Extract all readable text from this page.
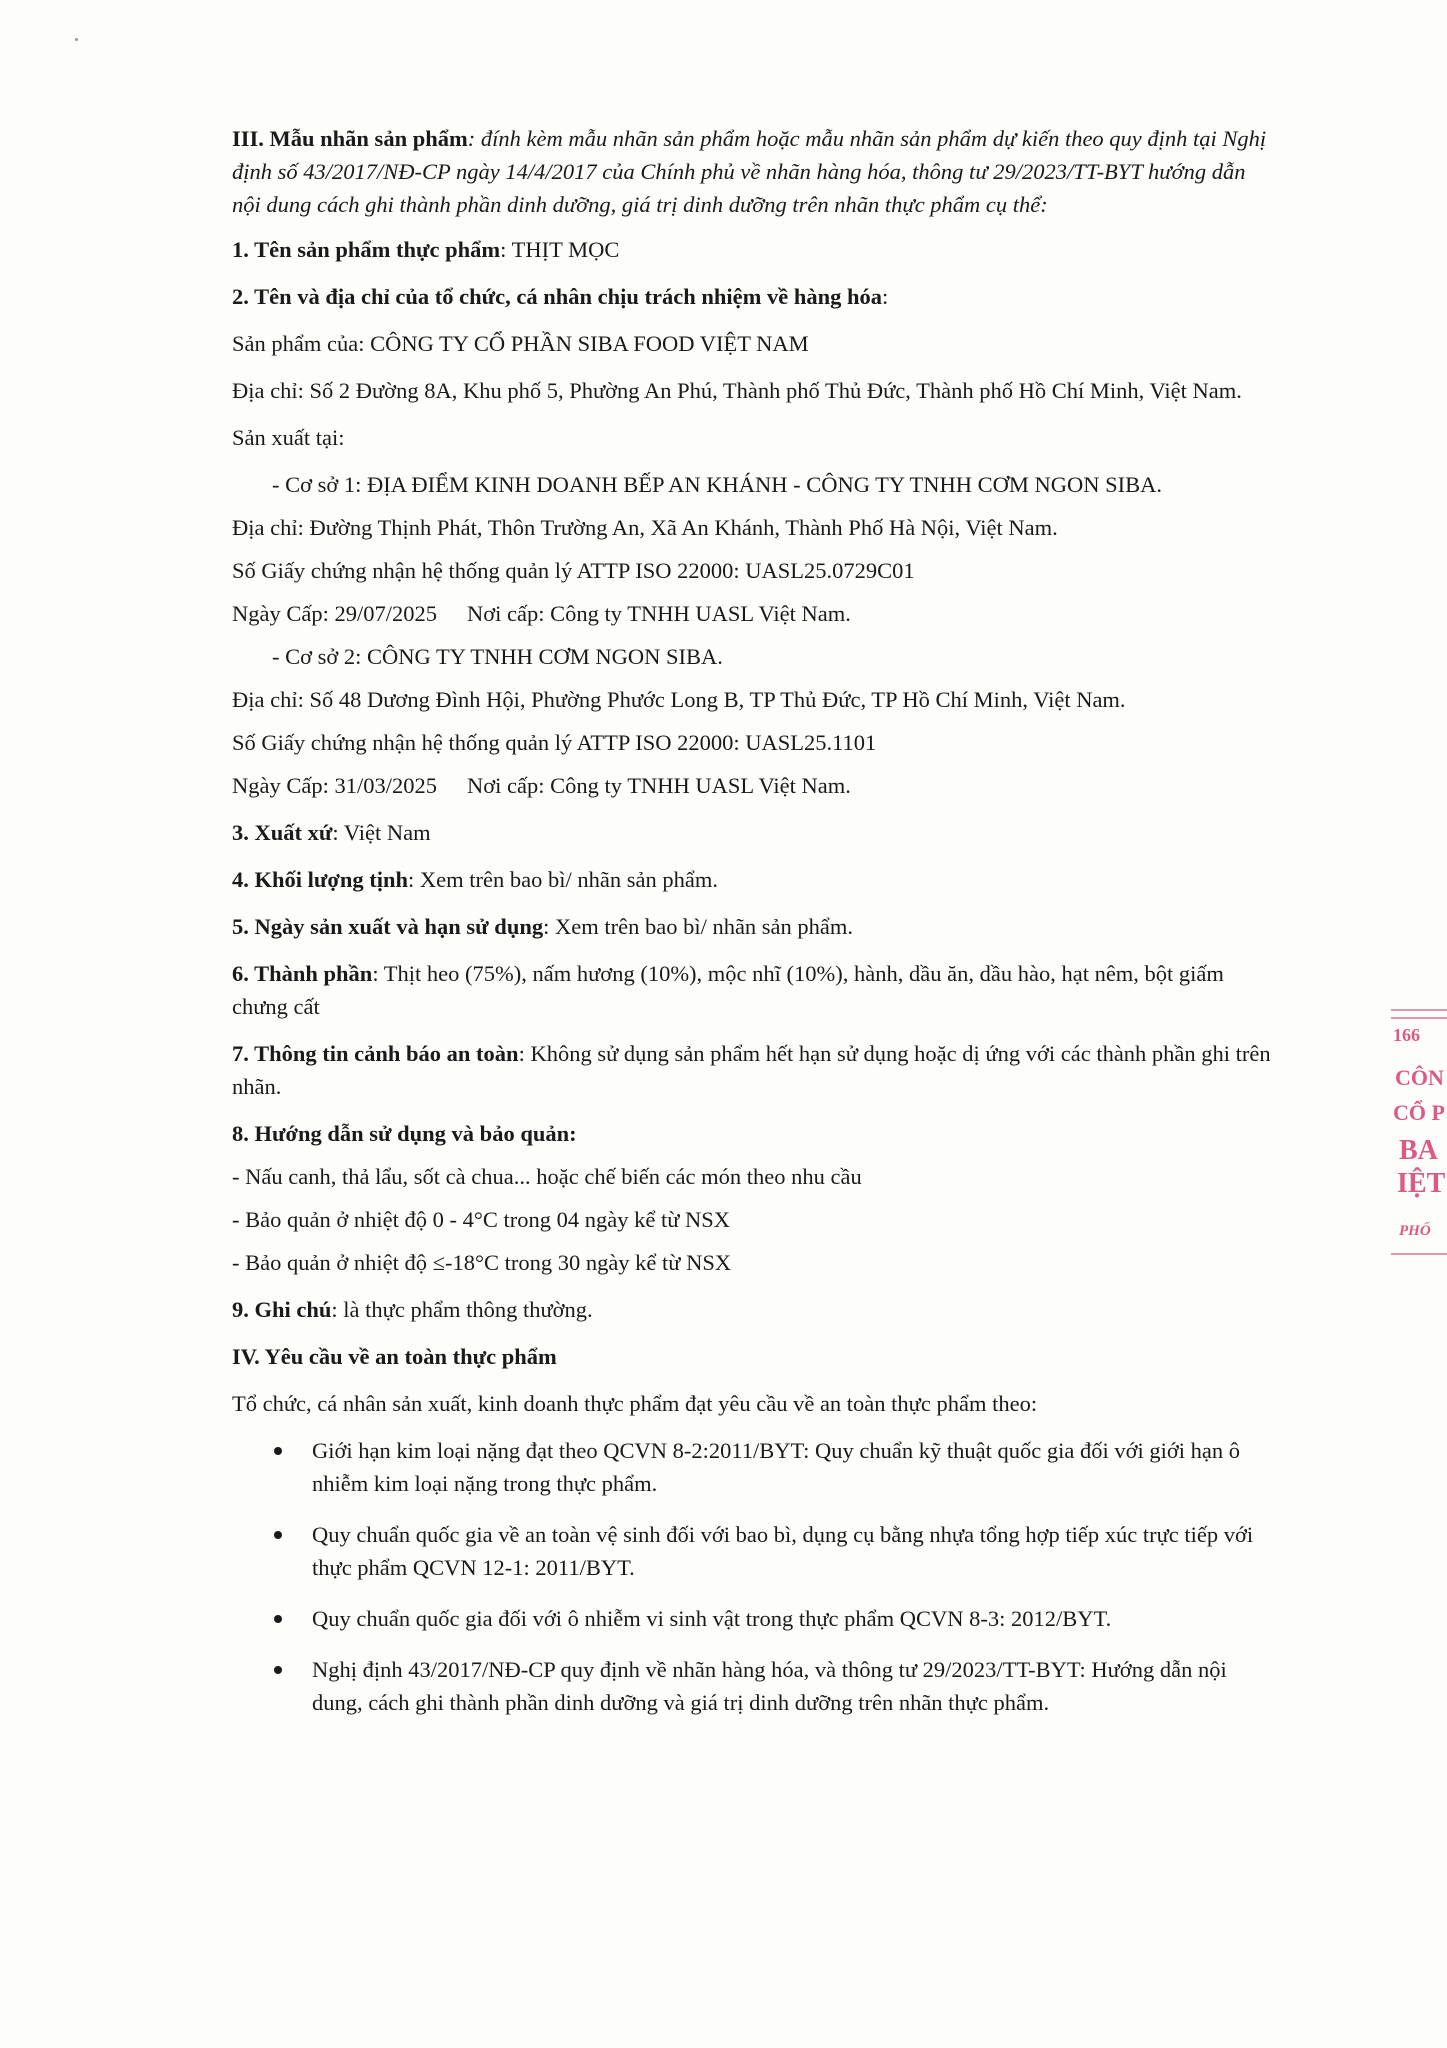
III. Mẫu nhãn sản phẩm: đính kèm mẫu nhãn sản phẩm hoặc mẫu nhãn sản phẩm dự kiến theo quy định tại Nghị định số 43/2017/NĐ-CP ngày 14/4/2017 của Chính phủ về nhãn hàng hóa, thông tư 29/2023/TT-BYT hướng dẫn nội dung cách ghi thành phần dinh dưỡng, giá trị dinh dưỡng trên nhãn thực phẩm cụ thể:

1. Tên sản phẩm thực phẩm: THỊT MỌC

2. Tên và địa chỉ của tổ chức, cá nhân chịu trách nhiệm về hàng hóa:

Sản phẩm của: CÔNG TY CỔ PHẦN SIBA FOOD VIỆT NAM

Địa chỉ: Số 2 Đường 8A, Khu phố 5, Phường An Phú, Thành phố Thủ Đức, Thành phố Hồ Chí Minh, Việt Nam.

Sản xuất tại:

- Cơ sở 1: ĐỊA ĐIỂM KINH DOANH BẾP AN KHÁNH - CÔNG TY TNHH CƠM NGON SIBA.

Địa chỉ: Đường Thịnh Phát, Thôn Trường An, Xã An Khánh, Thành Phố Hà Nội, Việt Nam.

Số Giấy chứng nhận hệ thống quản lý ATTP ISO 22000: UASL25.0729C01

Ngày Cấp: 29/07/2025 Nơi cấp: Công ty TNHH UASL Việt Nam.

- Cơ sở 2: CÔNG TY TNHH CƠM NGON SIBA.

Địa chỉ: Số 48 Dương Đình Hội, Phường Phước Long B, TP Thủ Đức, TP Hồ Chí Minh, Việt Nam.

Số Giấy chứng nhận hệ thống quản lý ATTP ISO 22000: UASL25.1101

Ngày Cấp: 31/03/2025 Nơi cấp: Công ty TNHH UASL Việt Nam.

3. Xuất xứ: Việt Nam

4. Khối lượng tịnh: Xem trên bao bì/ nhãn sản phẩm.

5. Ngày sản xuất và hạn sử dụng: Xem trên bao bì/ nhãn sản phẩm.

6. Thành phần: Thịt heo (75%), nấm hương (10%), mộc nhĩ (10%), hành, dầu ăn, dầu hào, hạt nêm, bột giấm chưng cất

7. Thông tin cảnh báo an toàn: Không sử dụng sản phẩm hết hạn sử dụng hoặc dị ứng với các thành phần ghi trên nhãn.

8. Hướng dẫn sử dụng và bảo quản:

- Nấu canh, thả lẩu, sốt cà chua... hoặc chế biến các món theo nhu cầu

- Bảo quản ở nhiệt độ 0 - 4°C trong 04 ngày kể từ NSX

- Bảo quản ở nhiệt độ ≤-18°C trong 30 ngày kể từ NSX

9. Ghi chú: là thực phẩm thông thường.

IV. Yêu cầu về an toàn thực phẩm

Tổ chức, cá nhân sản xuất, kinh doanh thực phẩm đạt yêu cầu về an toàn thực phẩm theo:

Giới hạn kim loại nặng đạt theo QCVN 8-2:2011/BYT: Quy chuẩn kỹ thuật quốc gia đối với giới hạn ô nhiễm kim loại nặng trong thực phẩm.
Quy chuẩn quốc gia về an toàn vệ sinh đối với bao bì, dụng cụ bằng nhựa tổng hợp tiếp xúc trực tiếp với thực phẩm QCVN 12-1: 2011/BYT.
Quy chuẩn quốc gia đối với ô nhiễm vi sinh vật trong thực phẩm QCVN 8-3: 2012/BYT.
Nghị định 43/2017/NĐ-CP quy định về nhãn hàng hóa, và thông tư 29/2023/TT-BYT: Hướng dẫn nội dung, cách ghi thành phần dinh dưỡng và giá trị dinh dưỡng trên nhãn thực phẩm.
166
CÔN
CỔ P
BA
IỆT
PHỐ
